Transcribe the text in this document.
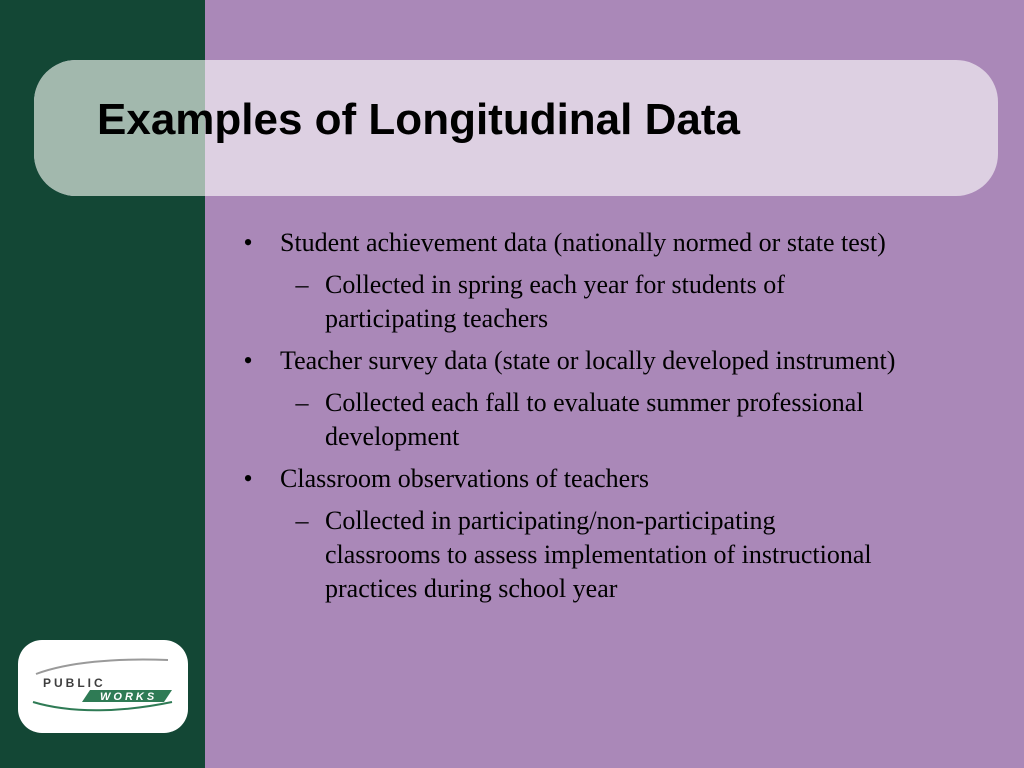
Examples of Longitudinal Data
• Student achievement data (nationally normed or state test)
– Collected in spring each year for students of participating teachers
• Teacher survey data (state or locally developed instrument)
– Collected each fall to evaluate summer professional development
• Classroom observations of teachers
– Collected in participating/non-participating classrooms to assess implementation of instructional practices during school year
PUBLIC
WORKS
